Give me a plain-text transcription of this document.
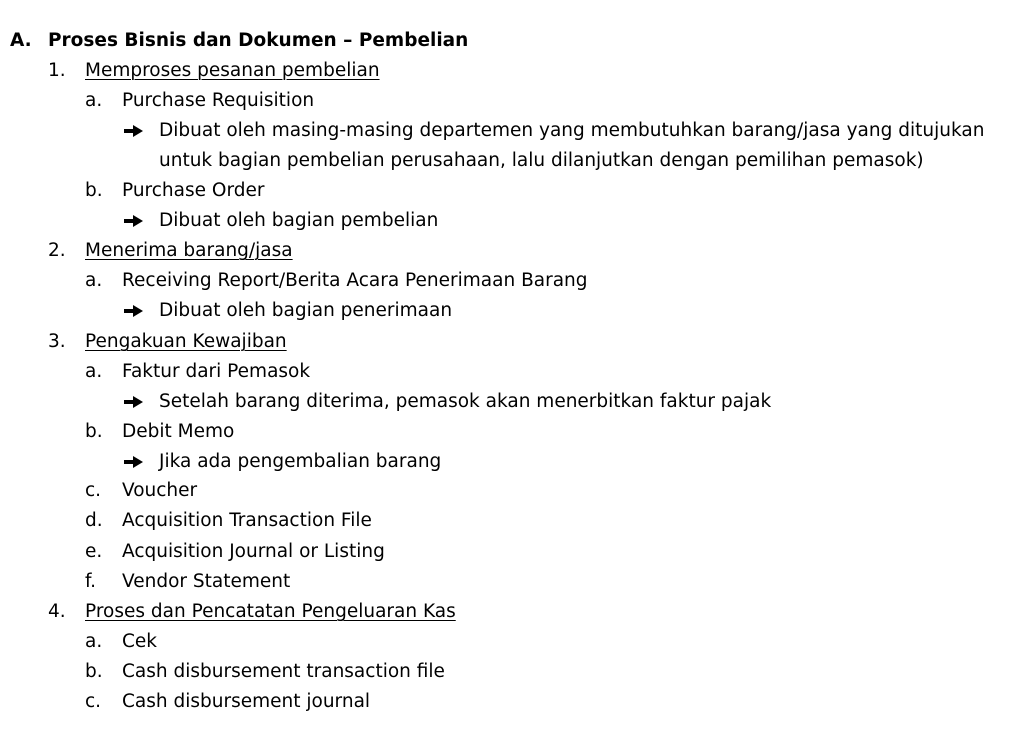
A. Proses Bisnis dan Dokumen – Pembelian
1. Memproses pesanan pembelian
a. Purchase Requisition
Dibuat oleh masing-masing departemen yang membutuhkan barang/jasa yang ditujukan
untuk bagian pembelian perusahaan, lalu dilanjutkan dengan pemilihan pemasok)
b. Purchase Order
Dibuat oleh bagian pembelian
2. Menerima barang/jasa
a. Receiving Report/Berita Acara Penerimaan Barang
Dibuat oleh bagian penerimaan
3. Pengakuan Kewajiban
a. Faktur dari Pemasok
Setelah barang diterima, pemasok akan menerbitkan faktur pajak
b. Debit Memo
Jika ada pengembalian barang
c. Voucher
d. Acquisition Transaction File
e. Acquisition Journal or Listing
f. Vendor Statement
4. Proses dan Pencatatan Pengeluaran Kas
a. Cek
b. Cash disbursement transaction file
c. Cash disbursement journal
